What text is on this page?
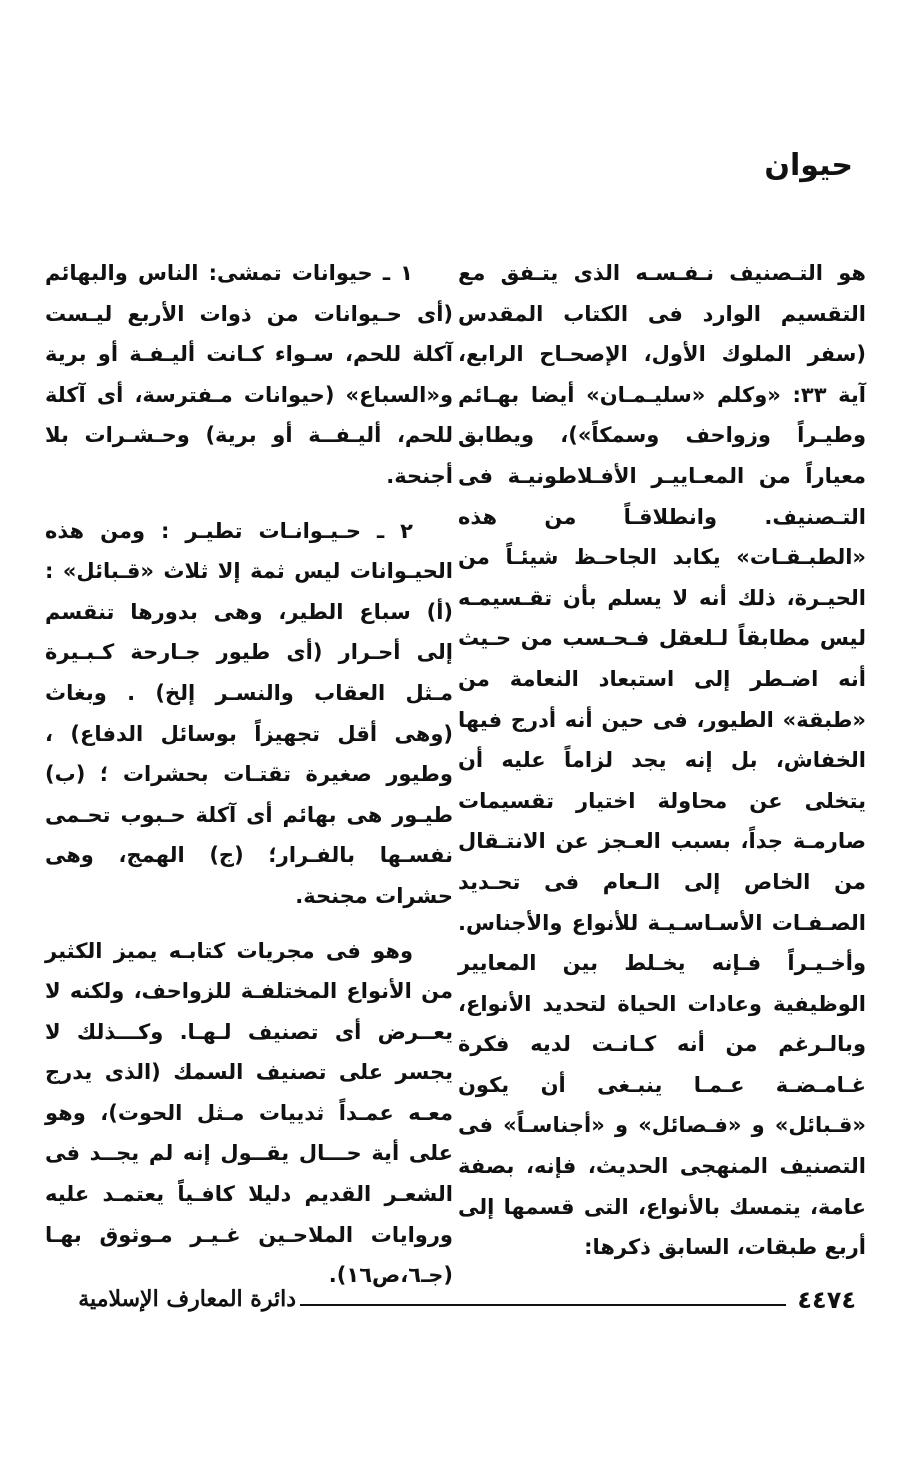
حيوان

هو التـصنيف نـفـسـه الذى يتـفق مع التقسيم الوارد فى الكتاب المقدس (سفر الملوك الأول، الإصحـاح الرابع، آية ٣٣: «وكلم «سليـمـان» أيضا بهـائم وطيـراً وزواحف وسمكاً»)، ويطابق معياراً من المعـاييـر الأفـلاطونيـة فى التـصنيف. وانطلاقـاً من هذه «الطبـقـات» يكابد الجاحـظ شيئـاً من الحيـرة، ذلك أنه لا يسلم بأن تقـسيمـه ليس مطابقاً لـلعقل فـحـسب من حـيث أنه اضـطر إلى استبعاد النعامة من «طبقة» الطيور، فى حين أنه أدرج فيها الخفاش، بل إنه يجد لزاماً عليه أن يتخلى عن محاولة اختيار تقسيمات صارمـة جداً، بسبب العـجز عن الانتـقال من الخاص إلى الـعام فى تحـديد الصـفـات الأسـاسـيـة للأنواع والأجناس. وأخـيـراً فـإنه يخـلط بين المعايير الوظيفية وعادات الحياة لتحديد الأنواع، وبالـرغم من أنه كـانـت لديه فكرة غـامـضـة عـمـا ينبـغى أن يكون «قـبائل» و «فـصائل» و «أجناسـاً» فى التصنيف المنهجى الحديث، فإنه، بصفة عامة، يتمسك بالأنواع، التى قسمها إلى أربع طبقات، السابق ذكرها:

١ ـ حيوانات تمشى: الناس والبهائم (أى حـيوانات من ذوات الأربع ليـست آكلة للحم، سـواء كـانت أليـفـة أو برية و«السباع» (حيوانات مـفترسة، أى آكلة للحم، أليـفــة أو برية) وحـشـرات بلا أجنحة.

٢ ـ حـيـوانـات تطيـر : ومن هذه الحيـوانات ليس ثمة إلا ثلاث «قـبائل» : (أ) سباع الطير، وهى بدورها تنقسم إلى أحـرار (أى طيور جـارحة كـبـيرة مـثل العقاب والنسـر إلخ) . وبغاث (وهى أقل تجهيزاً بوسائل الدفاع) ، وطيور صغيرة تقتـات بحشرات ؛ (ب) طيـور هى بهائم أى آكلة حـبوب تحـمى نفسـها بالفـرار؛ (ج) الهمج، وهى حشرات مجنحة.

وهو فى مجريات كتابـه يميز الكثير من الأنواع المختلفـة للزواحف، ولكنه لا يعــرض أى تصنيف لـهـا. وكـــذلك لا يجسر على تصنيف السمك (الذى يدرج معـه عمـداً ثدييات مـثل الحوت)، وهو على أية حـــال يقــول إنه لم يجــد فى الشعـر القديم دليلا كافـياً يعتمـد عليه وروايات الملاحـين غـيـر مـوثوق بهـا (جـ٦،ص١٦).

٤٤٧٤
دائرة المعارف الإسلامية
